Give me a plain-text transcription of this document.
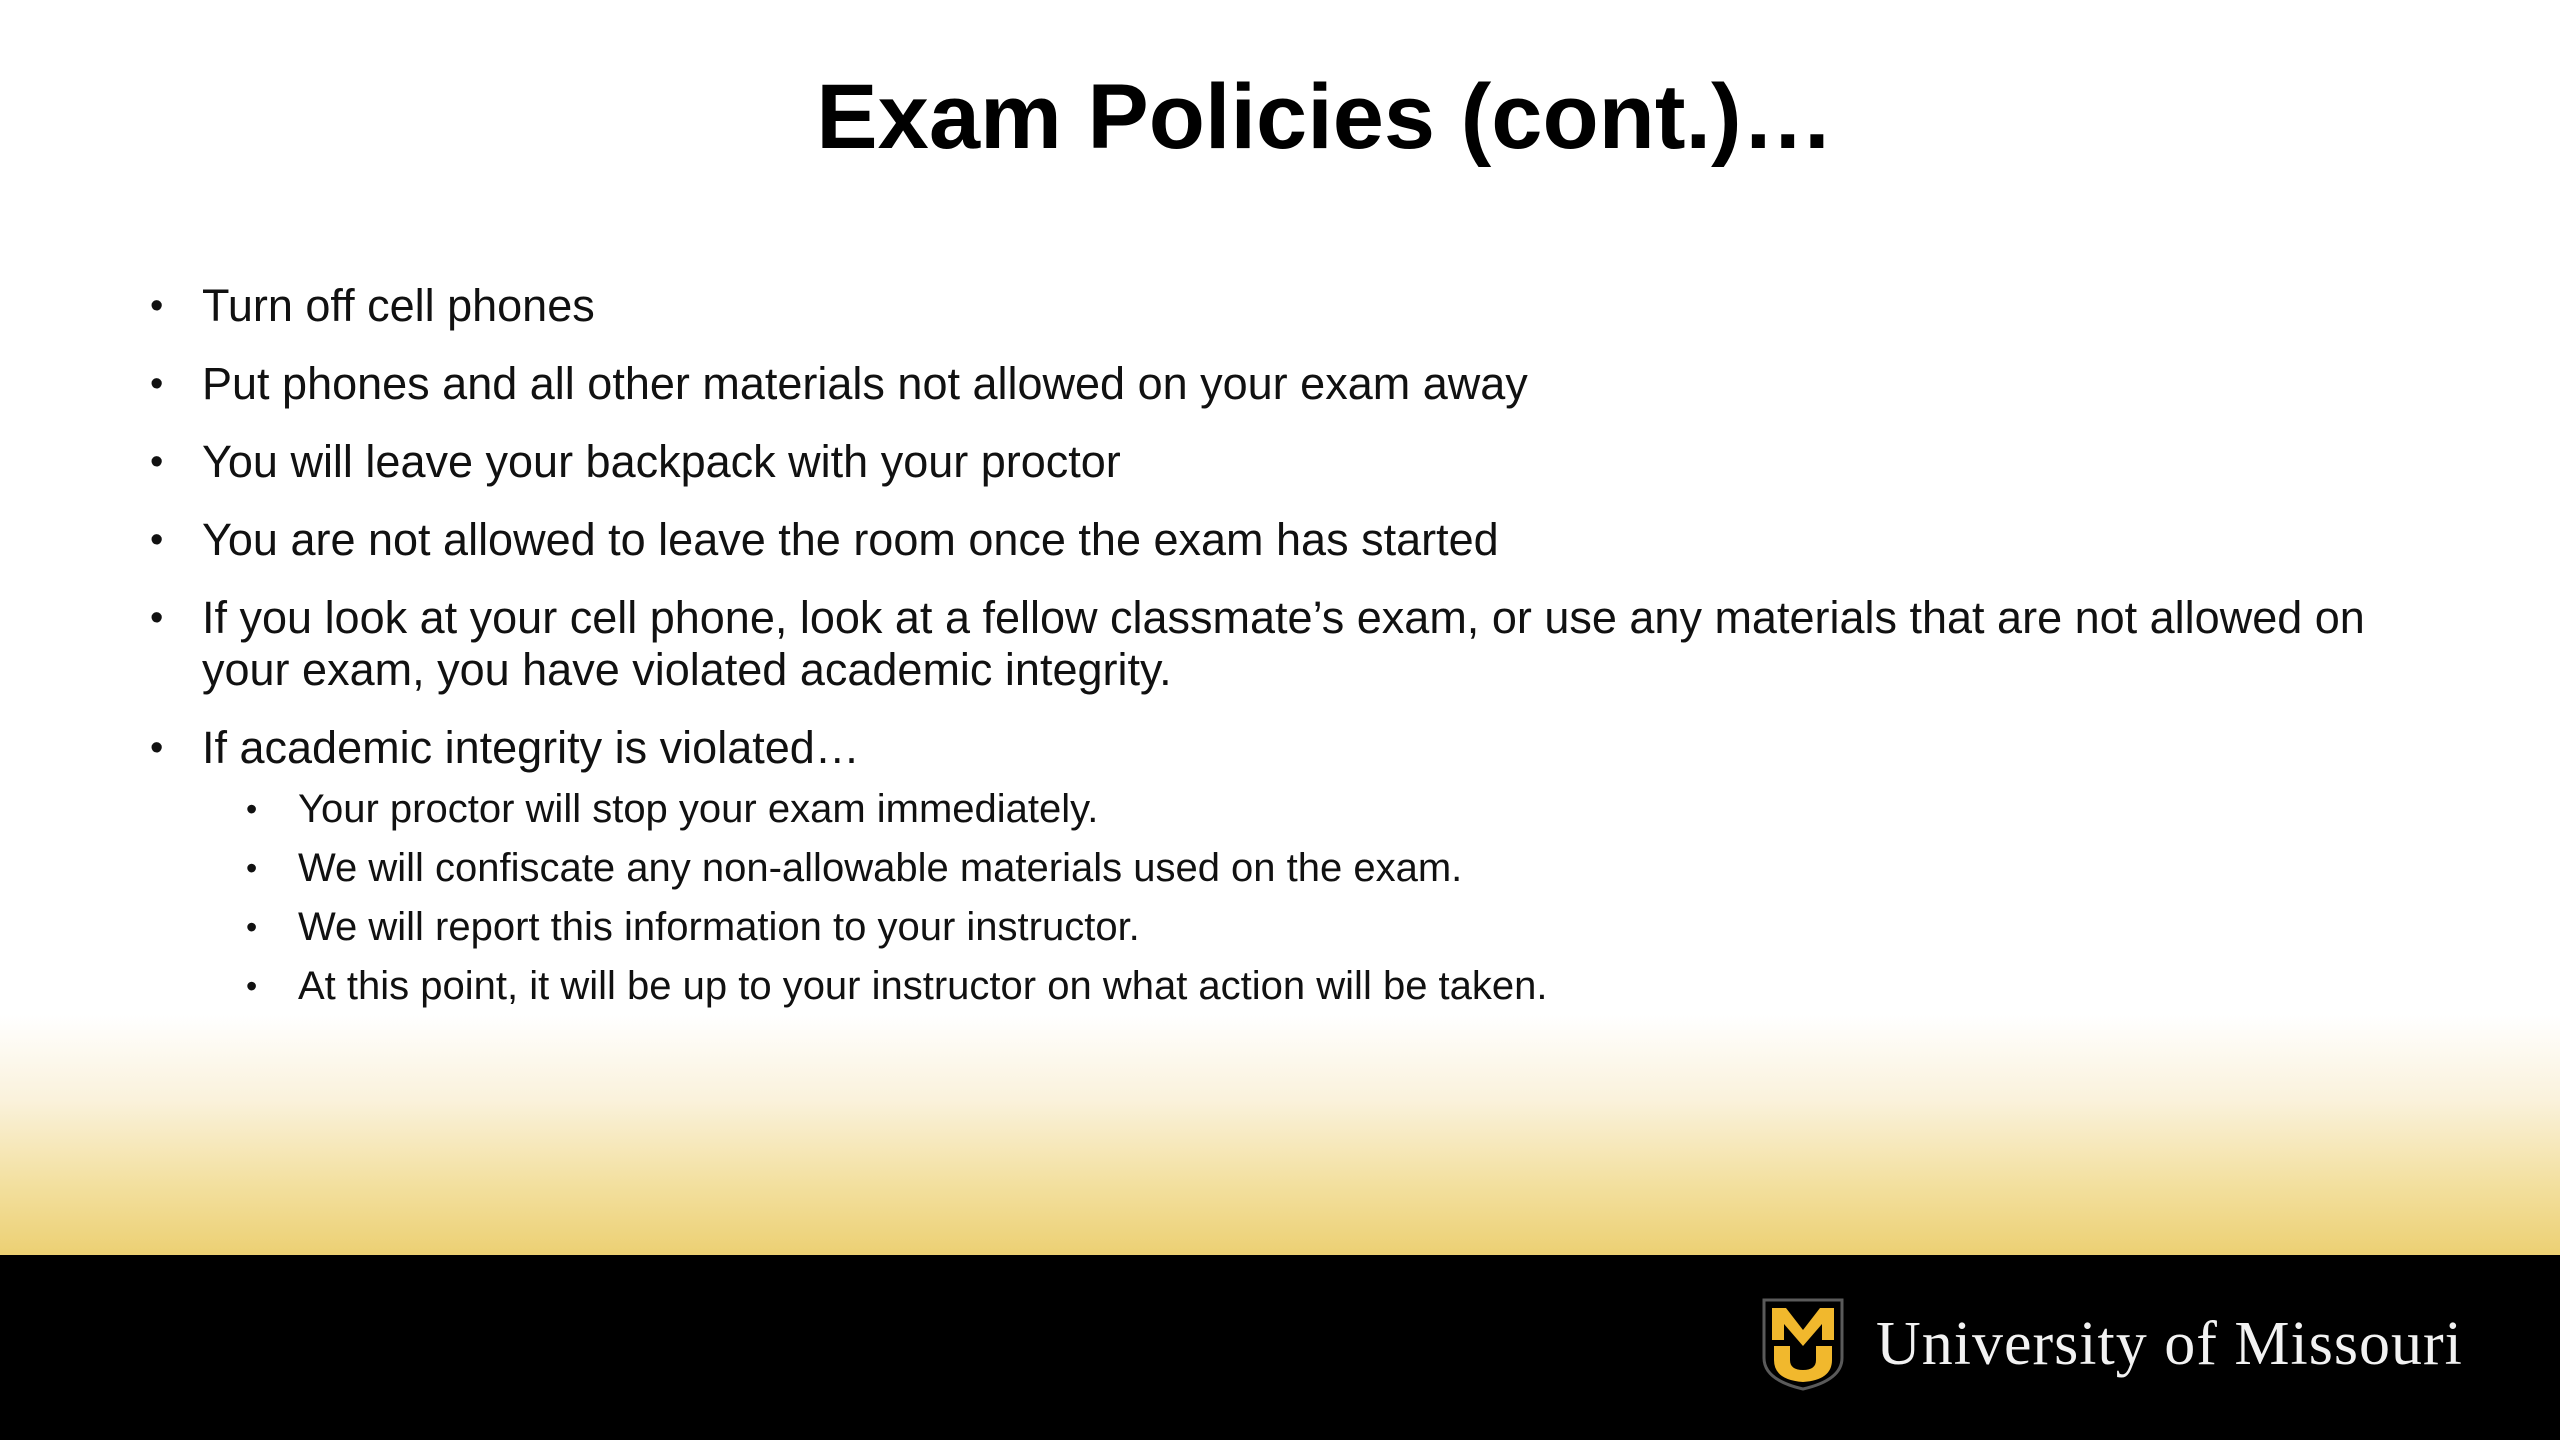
Exam Policies (cont.)…
• Turn off cell phones
• Put phones and all other materials not allowed on your exam away
• You will leave your backpack with your proctor
• You are not allowed to leave the room once the exam has started
• If you look at your cell phone, look at a fellow classmate’s exam, or use any materials that are not allowed on your exam, you have violated academic integrity.
• If academic integrity is violated…
• Your proctor will stop your exam immediately.
• We will confiscate any non-allowable materials used on the exam.
• We will report this information to your instructor.
• At this point, it will be up to your instructor on what action will be taken.
University of Missouri
